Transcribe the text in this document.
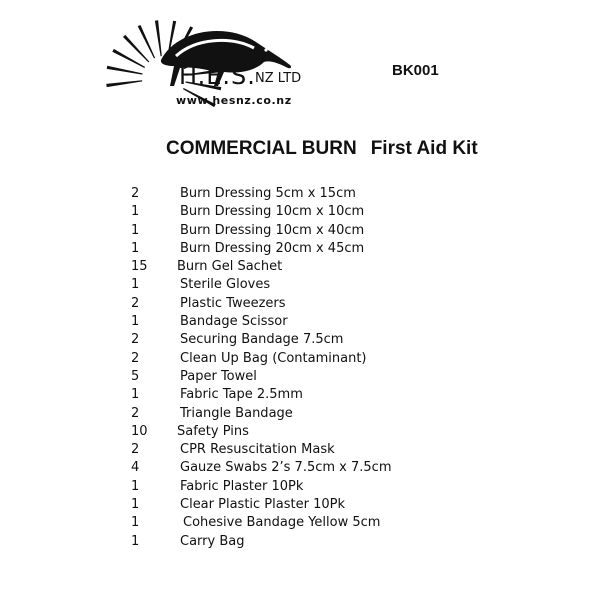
H.E.S. NZ LTD
www.hesnz.co.nz
BK001
COMMERCIAL BURN First Aid Kit
2	Burn Dressing 5cm x 15cm
1	Burn Dressing 10cm x 10cm
1	Burn Dressing 10cm x 40cm
1	Burn Dressing 20cm x 45cm
15 Burn Gel Sachet
1	Sterile Gloves
2	Plastic Tweezers
1	Bandage Scissor
2	Securing Bandage 7.5cm
2	Clean Up Bag (Contaminant)
5	Paper Towel
1	Fabric Tape 2.5mm
2	Triangle Bandage
10 Safety Pins
2	CPR Resuscitation Mask
4	Gauze Swabs 2’s 7.5cm x 7.5cm
1	Fabric Plaster 10Pk
1	Clear Plastic Plaster 10Pk
1	Cohesive Bandage Yellow 5cm
1	Carry Bag
